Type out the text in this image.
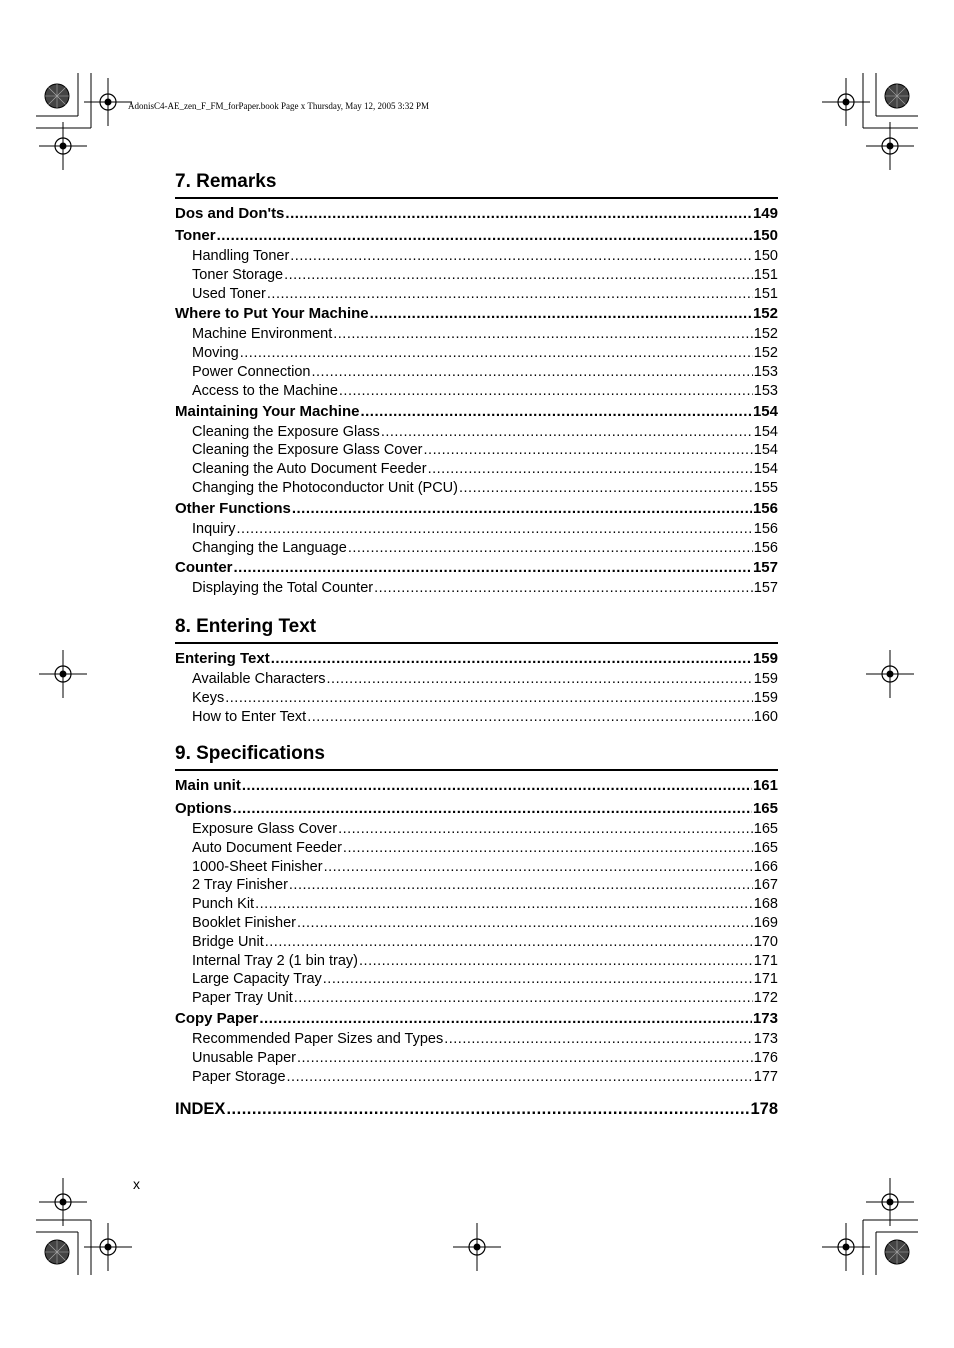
AdonisC4-AE_zen_F_FM_forPaper.book Page x Thursday, May 12, 2005 3:32 PM
7. Remarks
Dos and Don'ts .....	149
Toner .....	150
Handling Toner .....	150
Toner Storage .....	151
Used Toner .....	151
Where to Put Your Machine .....	152
Machine Environment .....	152
Moving .....	152
Power Connection .....	153
Access to the Machine .....	153
Maintaining Your Machine .....	154
Cleaning the Exposure Glass .....	154
Cleaning the Exposure Glass Cover .....	154
Cleaning the Auto Document Feeder .....	154
Changing the Photoconductor Unit (PCU) .....	155
Other Functions .....	156
Inquiry .....	156
Changing the Language .....	156
Counter .....	157
Displaying the Total Counter .....	157
8. Entering Text
Entering Text .....	159
Available Characters .....	159
Keys .....	159
How to Enter Text .....	160
9. Specifications
Main unit .....	161
Options .....	165
Exposure Glass Cover .....	165
Auto Document Feeder .....	165
1000-Sheet Finisher .....	166
2 Tray Finisher .....	167
Punch Kit .....	168
Booklet Finisher .....	169
Bridge Unit .....	170
Internal Tray 2 (1 bin tray) .....	171
Large Capacity Tray .....	171
Paper Tray Unit .....	172
Copy Paper .....	173
Recommended Paper Sizes and Types .....	173
Unusable Paper .....	176
Paper Storage .....	177
INDEX .....	178
x
